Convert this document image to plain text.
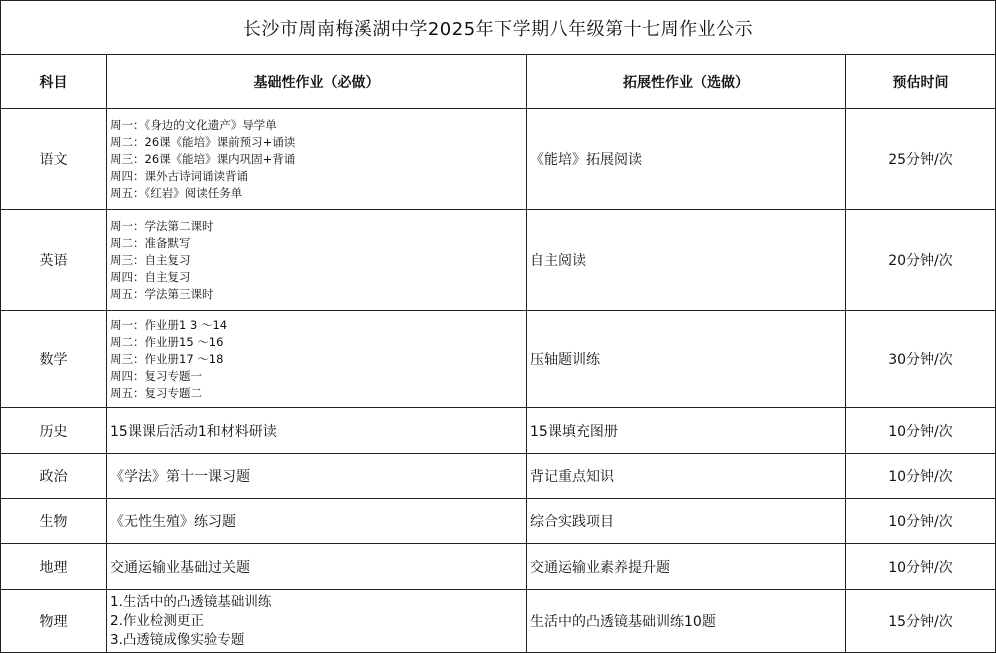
长沙市周南梅溪湖中学2025年下学期八年级第十七周作业公示			
科目	基础性作业（必做）	拓展性作业（选做）	预估时间
语文	周一：《身边的文化遗产》导学单
周二：26课《能培》课前预习+诵读
周三：26课《能培》课内巩固+背诵
周四：课外古诗词诵读背诵
周五：《红岩》阅读任务单	《能培》拓展阅读	25分钟/次
英语	周一：学法第二课时
周二：准备默写
周三：自主复习
周四：自主复习
周五：学法第三课时	自主阅读	20分钟/次
数学	周一：作业册1 3 ～14
周二：作业册15 ～16
周三：作业册17 ～18
周四：复习专题一
周五：复习专题二	压轴题训练	30分钟/次
历史	15课课后活动1和材料研读	15课填充图册	10分钟/次
政治	《学法》第十一课习题	背记重点知识	10分钟/次
生物	《无性生殖》练习题	综合实践项目	10分钟/次
地理	交通运输业基础过关题	交通运输业素养提升题	10分钟/次
物理	1.生活中的凸透镜基础训练
2.作业检测更正
3.凸透镜成像实验专题	生活中的凸透镜基础训练10题	15分钟/次
